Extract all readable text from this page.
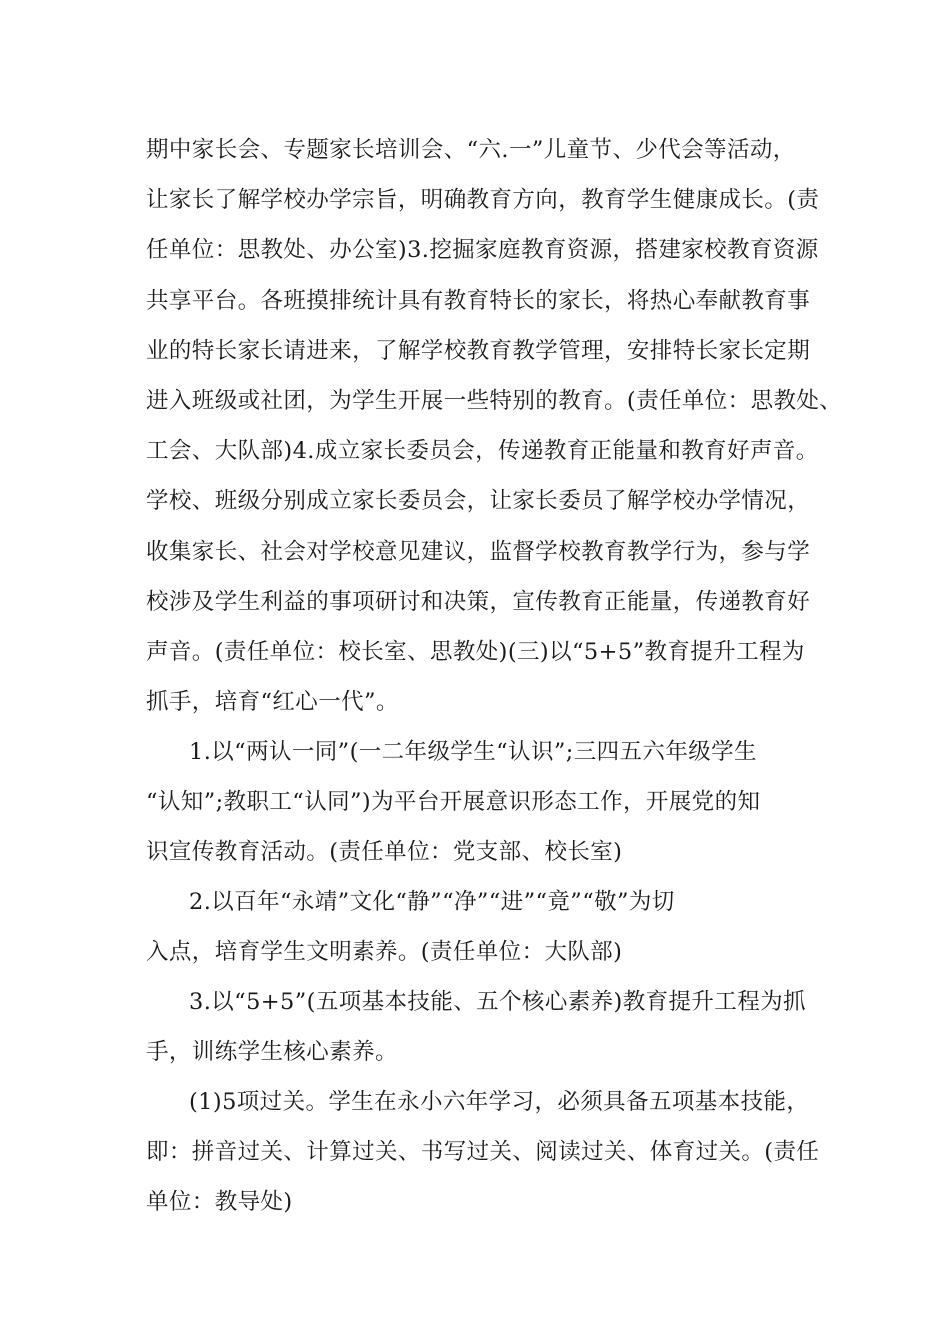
期中家长会、专题家长培训会、“六.一”儿童节、少代会等活动，
让家长了解学校办学宗旨，明确教育方向，教育学生健康成长。(责
任单位：思教处、办公室)3.挖掘家庭教育资源，搭建家校教育资源
共享平台。各班摸排统计具有教育特长的家长，将热心奉献教育事
业的特长家长请进来，了解学校教育教学管理，安排特长家长定期
进入班级或社团，为学生开展一些特别的教育。(责任单位：思教处、
工会、大队部)4.成立家长委员会，传递教育正能量和教育好声音。
学校、班级分别成立家长委员会，让家长委员了解学校办学情况，
收集家长、社会对学校意见建议，监督学校教育教学行为，参与学
校涉及学生利益的事项研讨和决策，宣传教育正能量，传递教育好
声音。(责任单位：校长室、思教处)(三)以“5+5”教育提升工程为
抓手，培育“红心一代”。
1.以“两认一同”(一二年级学生“认识”;三四五六年级学生
“认知”;教职工“认同”)为平台开展意识形态工作，开展党的知
识宣传教育活动。(责任单位：党支部、校长室)
2.以百年“永靖”文化“静”“净”“进”“竟”“敬”为切
入点，培育学生文明素养。(责任单位：大队部)
3.以“5+5”(五项基本技能、五个核心素养)教育提升工程为抓
手，训练学生核心素养。
(1)5项过关。学生在永小六年学习，必须具备五项基本技能，
即：拼音过关、计算过关、书写过关、阅读过关、体育过关。(责任
单位：教导处)
